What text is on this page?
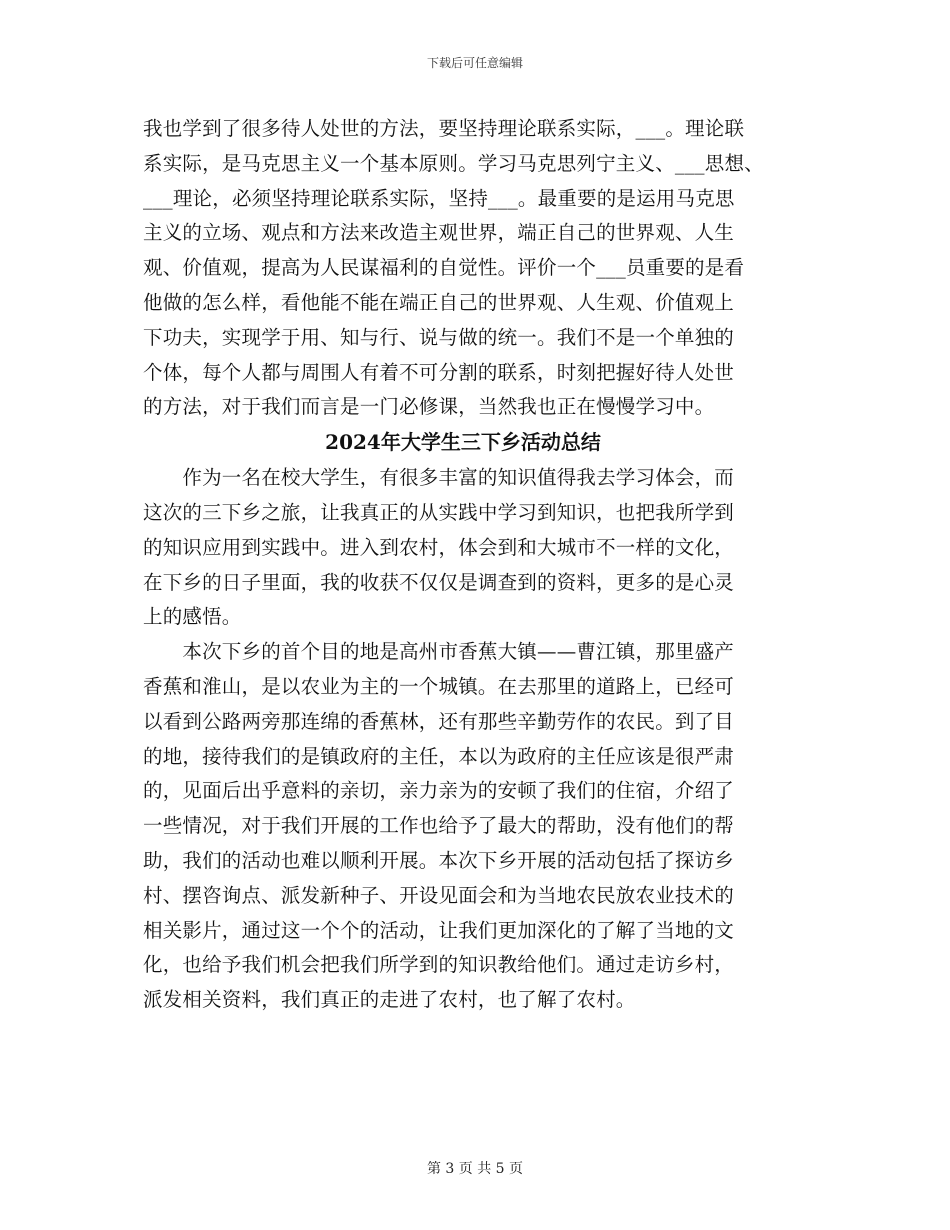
下载后可任意编辑
我也学到了很多待人处世的方法，要坚持理论联系实际，___。理论联
系实际，是马克思主义一个基本原则。学习马克思列宁主义、___思想、
___理论，必须坚持理论联系实际，坚持___。最重要的是运用马克思
主义的立场、观点和方法来改造主观世界，端正自己的世界观、人生
观、价值观，提高为人民谋福利的自觉性。评价一个___员重要的是看
他做的怎么样，看他能不能在端正自己的世界观、人生观、价值观上
下功夫，实现学于用、知与行、说与做的统一。我们不是一个单独的
个体，每个人都与周围人有着不可分割的联系，时刻把握好待人处世
的方法，对于我们而言是一门必修课，当然我也正在慢慢学习中。
2024年大学生三下乡活动总结
　　作为一名在校大学生，有很多丰富的知识值得我去学习体会，而
这次的三下乡之旅，让我真正的从实践中学习到知识，也把我所学到
的知识应用到实践中。进入到农村，体会到和大城市不一样的文化，
在下乡的日子里面，我的收获不仅仅是调查到的资料，更多的是心灵
上的感悟。
　　本次下乡的首个目的地是高州市香蕉大镇——曹江镇，那里盛产
香蕉和淮山，是以农业为主的一个城镇。在去那里的道路上，已经可
以看到公路两旁那连绵的香蕉林，还有那些辛勤劳作的农民。到了目
的地，接待我们的是镇政府的主任，本以为政府的主任应该是很严肃
的，见面后出乎意料的亲切，亲力亲为的安顿了我们的住宿，介绍了
一些情况，对于我们开展的工作也给予了最大的帮助，没有他们的帮
助，我们的活动也难以顺利开展。本次下乡开展的活动包括了探访乡
村、摆咨询点、派发新种子、开设见面会和为当地农民放农业技术的
相关影片，通过这一个个的活动，让我们更加深化的了解了当地的文
化，也给予我们机会把我们所学到的知识教给他们。通过走访乡村，
派发相关资料，我们真正的走进了农村，也了解了农村。
第 3 页 共 5 页
